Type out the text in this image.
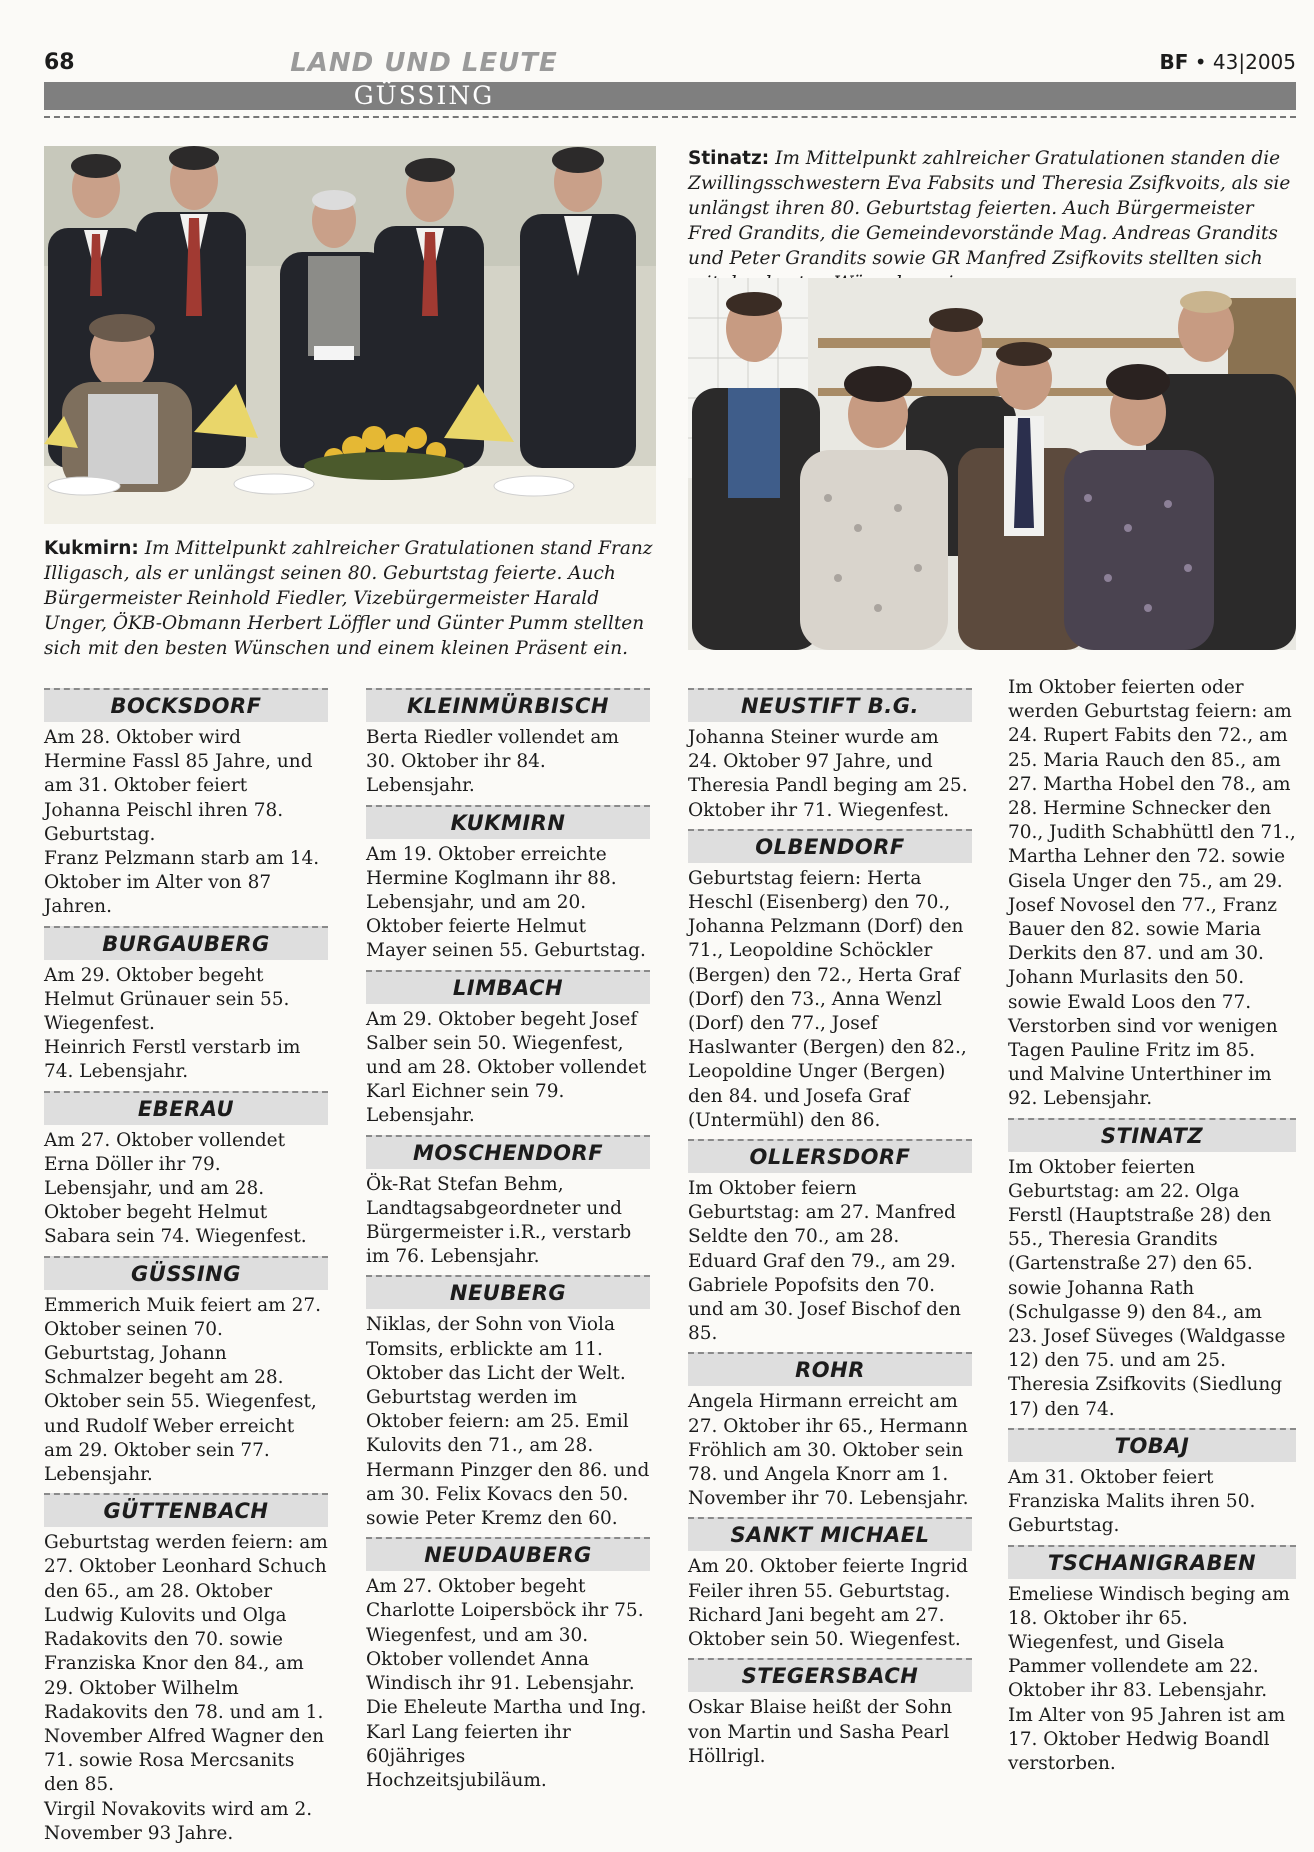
68	LAND UND LEUTE	BF • 43|2005
GÜSSING
Kukmirn: Im Mittelpunkt zahlreicher Gratulationen stand Franz Illigasch, als er unlängst seinen 80. Geburtstag feierte. Auch Bürgermeister Reinhold Fiedler, Vizebürgermeister Harald Unger, ÖKB-Obmann Herbert Löffler und Günter Pumm stellten sich mit den besten Wünschen und einem kleinen Präsent ein.
Stinatz: Im Mittelpunkt zahlreicher Gratulationen standen die Zwillingsschwestern Eva Fabsits und Theresia Zsifkvoits, als sie unlängst ihren 80. Geburtstag feierten. Auch Bürgermeister Fred Grandits, die Gemeindevorstände Mag. Andreas Grandits und Peter Grandits sowie GR Manfred Zsifkovits stellten sich
BOCKSDORF

Am 28. Oktober wird Hermine Fassl 85 Jahre, und am 31. Oktober feiert Johanna Peischl ihren 78. Geburtstag.

Franz Pelzmann starb am 14. Oktober im Alter von 87 Jahren.

BURGAUBERG

Am 29. Oktober begeht Helmut Grünauer sein 55. Wiegenfest.

Heinrich Ferstl verstarb im 74. Lebensjahr.

EBERAU

Am 27. Oktober vollendet Erna Döller ihr 79. Lebensjahr, und am 28. Oktober begeht Helmut Sabara sein 74. Wiegenfest.

GÜSSING

Emmerich Muik feiert am 27. Oktober seinen 70. Geburtstag, Johann Schmalzer begeht am 28. Oktober sein 55. Wiegenfest, und Rudolf Weber erreicht am 29. Oktober sein 77. Lebensjahr.

GÜTTENBACH

Geburtstag werden feiern: am 27. Oktober Leonhard Schuch den 65., am 28. Oktober Ludwig Kulovits und Olga Radakovits den 70. sowie Franziska Knor den 84., am 29. Oktober Wilhelm Radakovits den 78. und am 1. November Alfred Wagner den 71. sowie Rosa Mercsanits den 85.

Virgil Novakovits wird am 2. November 93 Jahre.

KLEINMÜRBISCH

Berta Riedler vollendet am 30. Oktober ihr 84. Lebensjahr.

KUKMIRN

Am 19. Oktober erreichte Hermine Koglmann ihr 88. Lebensjahr, und am 20. Oktober feierte Helmut Mayer seinen 55. Geburtstag.

LIMBACH

Am 29. Oktober begeht Josef Salber sein 50. Wiegenfest, und am 28. Oktober vollendet Karl Eichner sein 79. Lebensjahr.

MOSCHENDORF

Ök-Rat Stefan Behm, Landtagsabgeordneter und Bürgermeister i.R., verstarb im 76. Lebensjahr.

NEUBERG

Niklas, der Sohn von Viola Tomsits, erblickte am 11. Oktober das Licht der Welt.

Geburtstag werden im Oktober feiern: am 25. Emil Kulovits den 71., am 28. Hermann Pinzger den 86. und am 30. Felix Kovacs den 50. sowie Peter Kremz den 60.

NEUDAUBERG

Am 27. Oktober begeht Charlotte Loipersböck ihr 75. Wiegenfest, und am 30. Oktober vollendet Anna Windisch ihr 91. Lebensjahr.

Die Eheleute Martha und Ing. Karl Lang feierten ihr 60jähriges Hochzeitsjubiläum.

NEUSTIFT B.G.

Johanna Steiner wurde am 24. Oktober 97 Jahre, und Theresia Pandl beging am 25. Oktober ihr 71. Wiegenfest.

OLBENDORF

Geburtstag feiern: Herta Heschl (Eisenberg) den 70., Johanna Pelzmann (Dorf) den 71., Leopoldine Schöckler (Bergen) den 72., Herta Graf (Dorf) den 73., Anna Wenzl (Dorf) den 77., Josef Haslwanter (Bergen) den 82., Leopoldine Unger (Bergen) den 84. und Josefa Graf (Untermühl) den 86.

OLLERSDORF

Im Oktober feiern Geburtstag: am 27. Manfred Seldte den 70., am 28. Eduard Graf den 79., am 29. Gabriele Popofsits den 70. und am 30. Josef Bischof den 85.

ROHR

Angela Hirmann erreicht am 27. Oktober ihr 65., Hermann Fröhlich am 30. Oktober sein 78. und Angela Knorr am 1. November ihr 70. Lebensjahr.

SANKT MICHAEL

Am 20. Oktober feierte Ingrid Feiler ihren 55. Geburtstag. Richard Jani begeht am 27. Oktober sein 50. Wiegenfest.

STEGERSBACH

Oskar Blaise heißt der Sohn von Martin und Sasha Pearl Höllrigl.

Im Oktober feierten oder werden Geburtstag feiern: am 24. Rupert Fabits den 72., am 25. Maria Rauch den 85., am 27. Martha Hobel den 78., am 28. Hermine Schnecker den 70., Judith Schabhüttl den 71., Martha Lehner den 72. sowie Gisela Unger den 75., am 29. Josef Novosel den 77., Franz Bauer den 82. sowie Maria Derkits den 87. und am 30. Johann Murlasits den 50. sowie Ewald Loos den 77.

Verstorben sind vor wenigen Tagen Pauline Fritz im 85. und Malvine Unterthiner im 92. Lebensjahr.

STINATZ

Im Oktober feierten Geburtstag: am 22. Olga Ferstl (Hauptstraße 28) den 55., Theresia Grandits (Gartenstraße 27) den 65. sowie Johanna Rath (Schulgasse 9) den 84., am 23. Josef Süveges (Waldgasse 12) den 75. und am 25. Theresia Zsifkovits (Siedlung 17) den 74.

TOBAJ

Am 31. Oktober feiert Franziska Malits ihren 50. Geburtstag.

TSCHANIGRABEN

Emeliese Windisch beging am 18. Oktober ihr 65. Wiegenfest, und Gisela Pammer vollendete am 22. Oktober ihr 83. Lebensjahr.

Im Alter von 95 Jahren ist am 17. Oktober Hedwig Boandl verstorben.
